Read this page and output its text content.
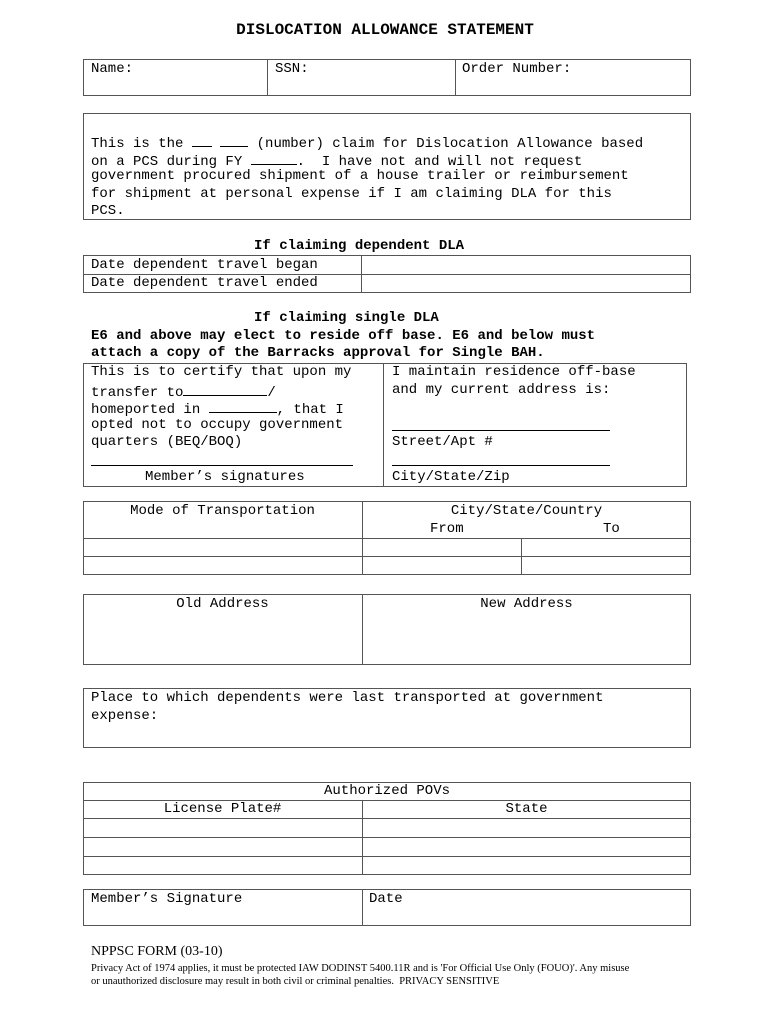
DISLOCATION ALLOWANCE STATEMENT
Name:	SSN:	Order Number:
This is the	(number) claim for Dislocation Allowance based
on a PCS during FY	.  I have not and will not request
government procured shipment of a house trailer or reimbursement
for shipment at personal expense if I am claiming DLA for this
PCS.
If claiming dependent DLA
Date dependent travel began
Date dependent travel ended
If claiming single DLA
E6 and above may elect to reside off base. E6 and below must
attach a copy of the Barracks approval for Single BAH.
This is to certify that upon my
transfer to	/
homeported in	, that I
opted not to occupy government
quarters (BEQ/BOQ)
Member’s signatures
I maintain residence off-base
and my current address is:
Street/Apt #
City/State/Zip
Mode of Transportation	City/State/Country
From	To
Old Address	New Address
Place to which dependents were last transported at government
expense:
Authorized POVs
License Plate#	State
Member’s Signature	Date
NPPSC FORM (03-10)
Privacy Act of 1974 applies, it must be protected IAW DODINST 5400.11R and is 'For Official Use Only (FOUO)'. Any misuse
or unauthorized disclosure may result in both civil or criminal penalties.  PRIVACY SENSITIVE
